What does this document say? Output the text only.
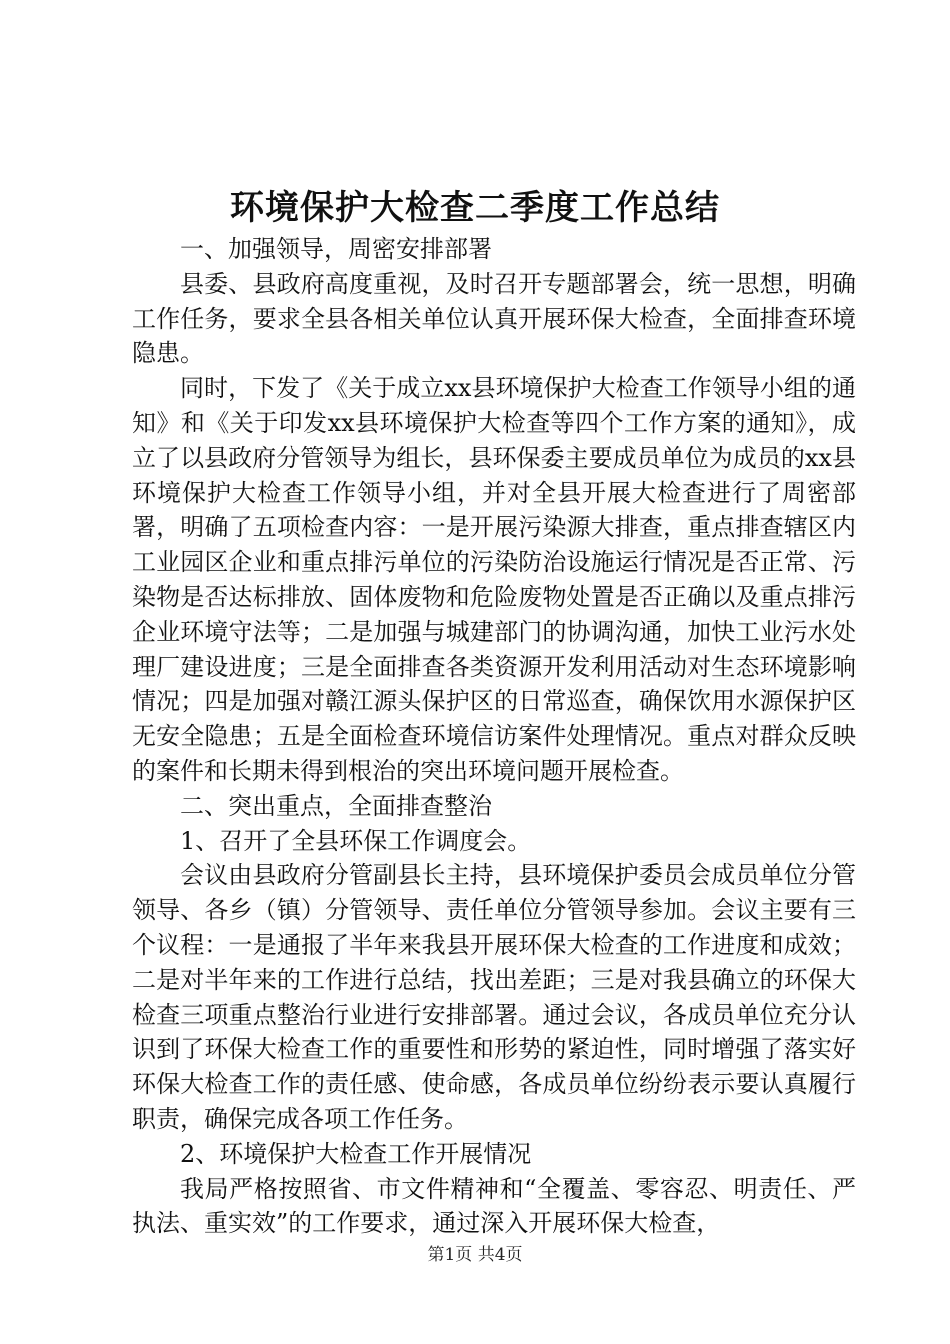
环境保护大检查二季度工作总结

一、加强领导，周密安排部署

县委、县政府高度重视，及时召开专题部署会，统一思想，明确工作任务，要求全县各相关单位认真开展环保大检查，全面排查环境隐患。

同时，下发了《关于成立xx县环境保护大检查工作领导小组的通知》和《关于印发xx县环境保护大检查等四个工作方案的通知》，成立了以县政府分管领导为组长，县环保委主要成员单位为成员的xx县环境保护大检查工作领导小组，并对全县开展大检查进行了周密部署，明确了五项检查内容：一是开展污染源大排查，重点排查辖区内工业园区企业和重点排污单位的污染防治设施运行情况是否正常、污染物是否达标排放、固体废物和危险废物处置是否正确以及重点排污企业环境守法等；二是加强与城建部门的协调沟通，加快工业污水处理厂建设进度；三是全面排查各类资源开发利用活动对生态环境影响情况；四是加强对赣江源头保护区的日常巡查，确保饮用水源保护区无安全隐患；五是全面检查环境信访案件处理情况。重点对群众反映的案件和长期未得到根治的突出环境问题开展检查。

二、突出重点，全面排查整治

1、召开了全县环保工作调度会。

会议由县政府分管副县长主持，县环境保护委员会成员单位分管领导、各乡（镇）分管领导、责任单位分管领导参加。会议主要有三个议程：一是通报了半年来我县开展环保大检查的工作进度和成效；二是对半年来的工作进行总结，找出差距；三是对我县确立的环保大检查三项重点整治行业进行安排部署。通过会议，各成员单位充分认识到了环保大检查工作的重要性和形势的紧迫性，同时增强了落实好环保大检查工作的责任感、使命感，各成员单位纷纷表示要认真履行职责，确保完成各项工作任务。

2、环境保护大检查工作开展情况

我局严格按照省、市文件精神和“全覆盖、零容忍、明责任、严执法、重实效”的工作要求，通过深入开展环保大检查，

第1页 共4页
